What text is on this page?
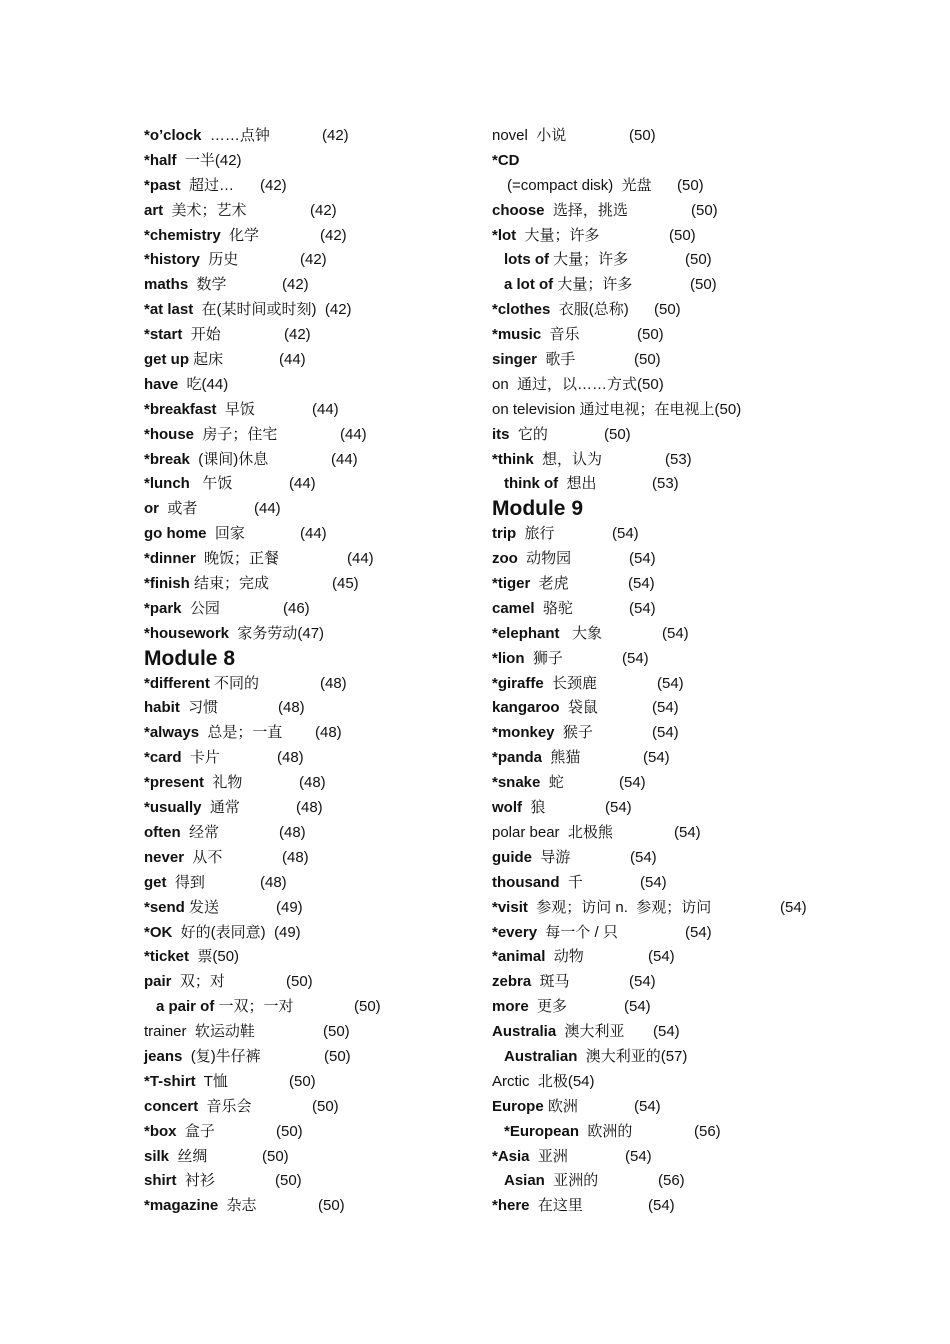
*o’clock  ……点钟	(42)
*half  一半(42)
*past  超过… (42)
art  美术；艺术	(42)
*chemistry  化学	(42)
*history  历史	(42)
maths  数学	(42)
*at last  在(某时间或时刻)  (42)
*start  开始	(42)
get up 起床	(44)
have  吃(44)
*breakfast  早饭	(44)
*house  房子；住宅	(44)
*break  (课间)休息	(44)
*lunch   午饭	(44)
or  或者	(44)
go home  回家	(44)
*dinner  晚饭；正餐	(44)
*finish 结束；完成	(45)
*park  公园	(46)
*housework  家务劳动(47)
Module 8
*different 不同的	(48)
habit  习惯	(48)
*always  总是；一直 (48)
*card  卡片	(48)
*present  礼物	(48)
*usually  通常	(48)
often  经常	(48)
never  从不	(48)
get  得到	(48)
*send 发送	(49)
*OK  好的(表同意)  (49)
*ticket  票(50)
pair  双；对	(50)
a pair of 一双；一对	(50)
trainer  软运动鞋	(50)
jeans  (复)牛仔裤	(50)
*T-shirt  T恤	(50)
concert  音乐会	(50)
*box  盒子	(50)
silk  丝绸	(50)
shirt  衬衫	(50)
*magazine  杂志	(50)
novel  小说	(50)
*CD
(=compact disk)  光盘 (50)
choose  选择，挑选	(50)
*lot  大量；许多	(50)
lots of 大量；许多	(50)
a lot of 大量；许多	(50)
*clothes  衣服(总称) (50)
*music  音乐	(50)
singer  歌手	(50)
on  通过，以……方式(50)
on television 通过电视；在电视上(50)
its  它的	(50)
*think  想，认为	(53)
think of  想出	(53)
Module 9
trip  旅行	(54)
zoo  动物园	(54)
*tiger  老虎	(54)
camel  骆驼	(54)
*elephant   大象	(54)
*lion  狮子	(54)
*giraffe  长颈鹿	(54)
kangaroo  袋鼠	(54)
*monkey  猴子	(54)
*panda  熊猫	(54)
*snake  蛇	(54)
wolf  狼	(54)
polar bear  北极熊	(54)
guide  导游	(54)
thousand  千	(54)
*visit  参观；访问 n.  参观；访问	(54)
*every  每一个 / 只	(54)
*animal  动物	(54)
zebra  斑马	(54)
more  更多	(54)
Australia  澳大利亚 (54)
Australian  澳大利亚的(57)
Arctic  北极(54)
Europe 欧洲	(54)
*European  欧洲的	(56)
*Asia  亚洲	(54)
Asian  亚洲的	(56)
*here  在这里	(54)
